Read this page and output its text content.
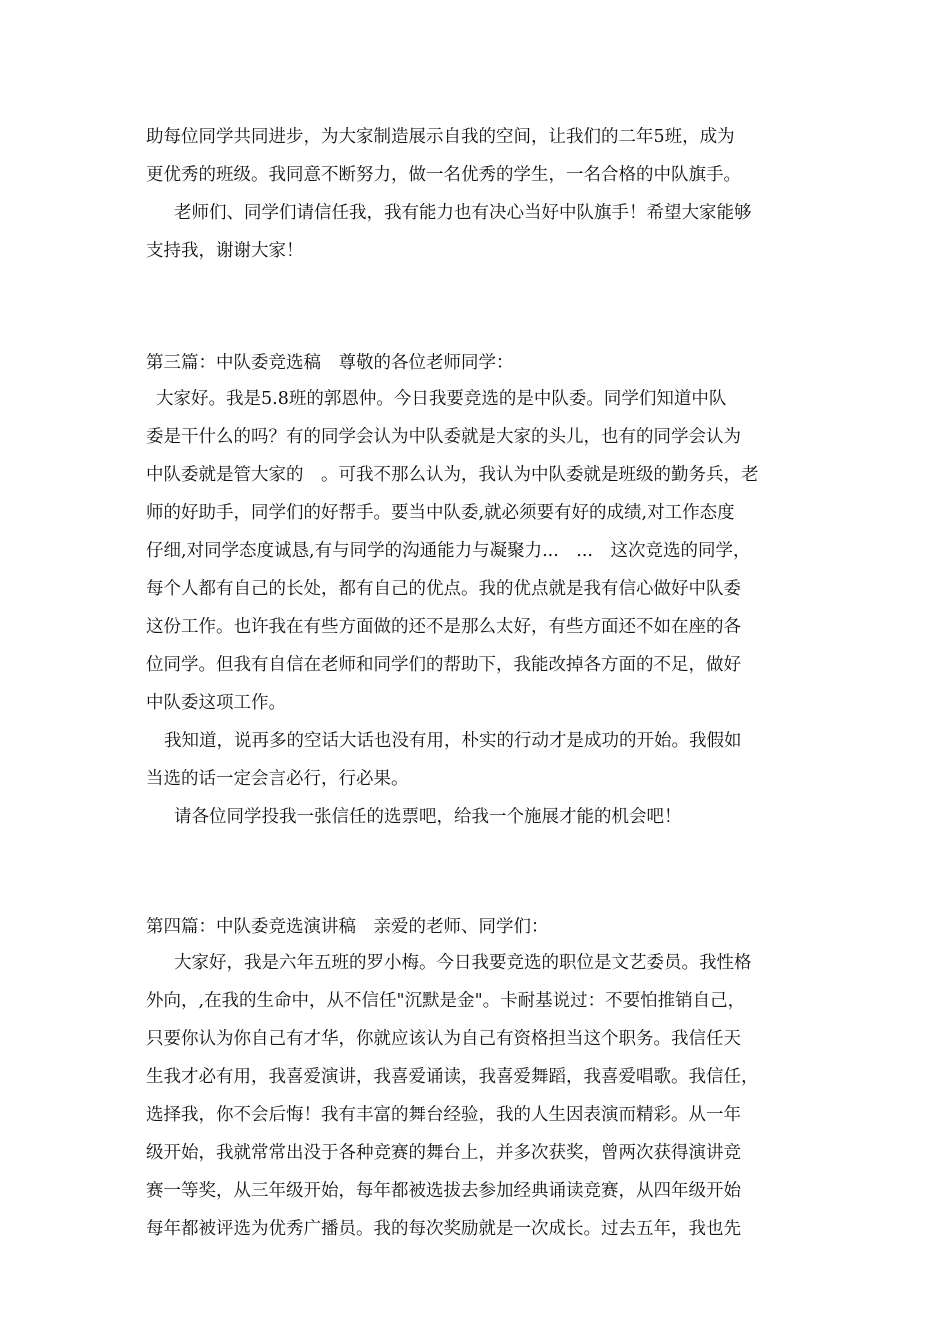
助每位同学共同进步，为大家制造展示自我的空间，让我们的二年5班，成为
更优秀的班级。我同意不断努力，做一名优秀的学生，一名合格的中队旗手。
老师们、同学们请信任我，我有能力也有决心当好中队旗手！希望大家能够
支持我，谢谢大家！
第三篇：中队委竞选稿　尊敬的各位老师同学：
大家好。我是5.8班的郭恩仲。今日我要竞选的是中队委。同学们知道中队
委是干什么的吗？有的同学会认为中队委就是大家的头儿，也有的同学会认为
中队委就是管大家的　。可我不那么认为，我认为中队委就是班级的勤务兵，老
师的好助手，同学们的好帮手。要当中队委,就必须要有好的成绩,对工作态度
仔细,对同学态度诚恳,有与同学的沟通能力与凝聚力...　...　这次竞选的同学，
每个人都有自己的长处，都有自己的优点。我的优点就是我有信心做好中队委
这份工作。也许我在有些方面做的还不是那么太好，有些方面还不如在座的各
位同学。但我有自信在老师和同学们的帮助下，我能改掉各方面的不足，做好
中队委这项工作。
我知道，说再多的空话大话也没有用，朴实的行动才是成功的开始。我假如
当选的话一定会言必行，行必果。
请各位同学投我一张信任的选票吧，给我一个施展才能的机会吧！
第四篇：中队委竞选演讲稿　亲爱的老师、同学们：
大家好，我是六年五班的罗小梅。今日我要竞选的职位是文艺委员。我性格
外向，,在我的生命中，从不信任"沉默是金"。卡耐基说过：不要怕推销自己，
只要你认为你自己有才华，你就应该认为自己有资格担当这个职务。我信任天
生我才必有用，我喜爱演讲，我喜爱诵读，我喜爱舞蹈，我喜爱唱歌。我信任，
选择我，你不会后悔！我有丰富的舞台经验，我的人生因表演而精彩。从一年
级开始，我就常常出没于各种竞赛的舞台上，并多次获奖，曾两次获得演讲竞
赛一等奖，从三年级开始，每年都被选拔去参加经典诵读竞赛，从四年级开始
每年都被评选为优秀广播员。我的每次奖励就是一次成长。过去五年，我也先
